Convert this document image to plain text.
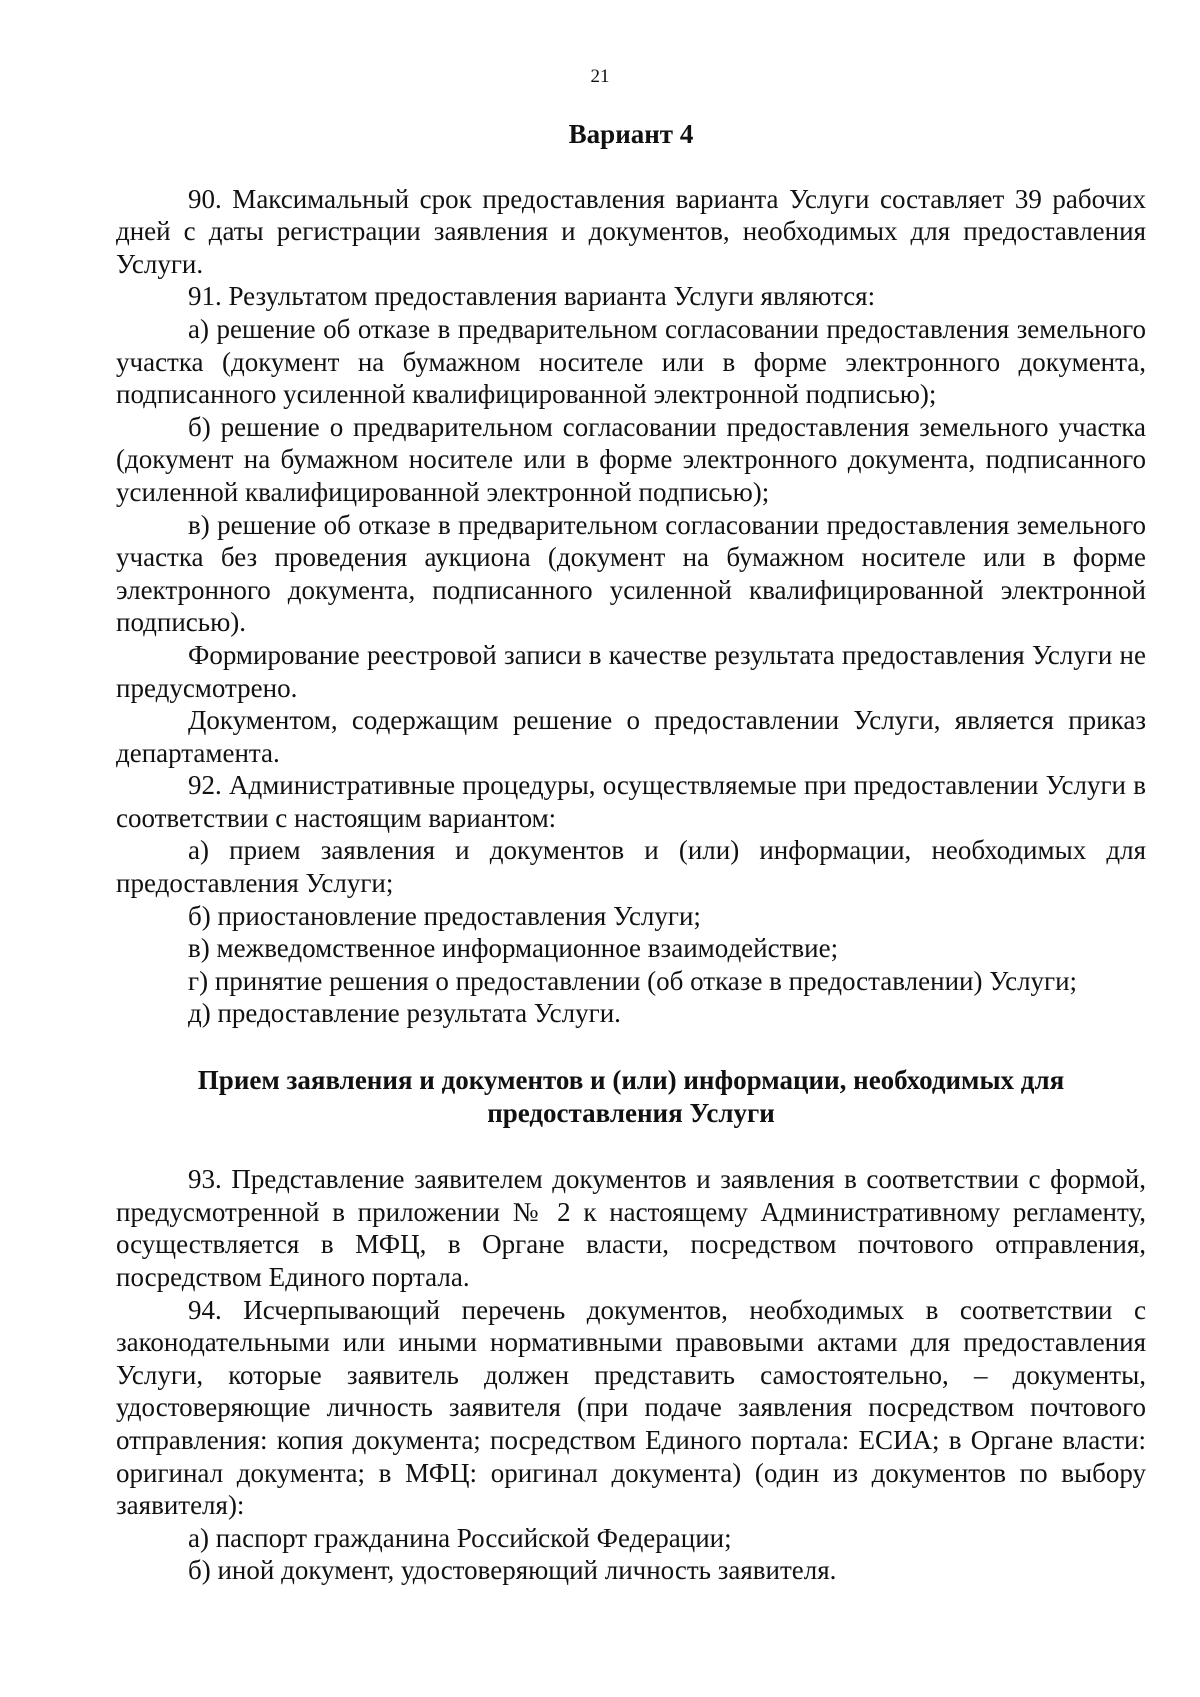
21

Вариант 4

90. Максимальный срок предоставления варианта Услуги составляет 39 рабочих дней с даты регистрации заявления и документов, необходимых для предоставления Услуги.

91. Результатом предоставления варианта Услуги являются:

а) решение об отказе в предварительном согласовании предоставления земельного участка (документ на бумажном носителе или в форме электронного документа, подписанного усиленной квалифицированной электронной подписью);

б) решение о предварительном согласовании предоставления земельного участка (документ на бумажном носителе или в форме электронного документа, подписанного усиленной квалифицированной электронной подписью);

в) решение об отказе в предварительном согласовании предоставления земельного участка без проведения аукциона (документ на бумажном носителе или в форме электронного документа, подписанного усиленной квалифицированной электронной подписью).

Формирование реестровой записи в качестве результата предоставления Услуги не предусмотрено.

Документом, содержащим решение о предоставлении Услуги, является приказ департамента.

92. Административные процедуры, осуществляемые при предоставлении Услуги в соответствии с настоящим вариантом:

а) прием заявления и документов и (или) информации, необходимых для предоставления Услуги;

б) приостановление предоставления Услуги;

в) межведомственное информационное взаимодействие;

г) принятие решения о предоставлении (об отказе в предоставлении) Услуги;

д) предоставление результата Услуги.

Прием заявления и документов и (или) информации, необходимых для
предоставления Услуги

93. Представление заявителем документов и заявления в соответствии с формой, предусмотренной в приложении № 2 к настоящему Административному регламенту, осуществляется в МФЦ, в Органе власти, посредством почтового отправления, посредством Единого портала.

94. Исчерпывающий перечень документов, необходимых в соответствии с законодательными или иными нормативными правовыми актами для предоставления Услуги, которые заявитель должен представить самостоятельно, – документы, удостоверяющие личность заявителя (при подаче заявления посредством почтового отправления: копия документа; посредством Единого портала: ЕСИА; в Органе власти: оригинал документа; в МФЦ: оригинал документа) (один из документов по выбору заявителя):

а) паспорт гражданина Российской Федерации;

б) иной документ, удостоверяющий личность заявителя.
